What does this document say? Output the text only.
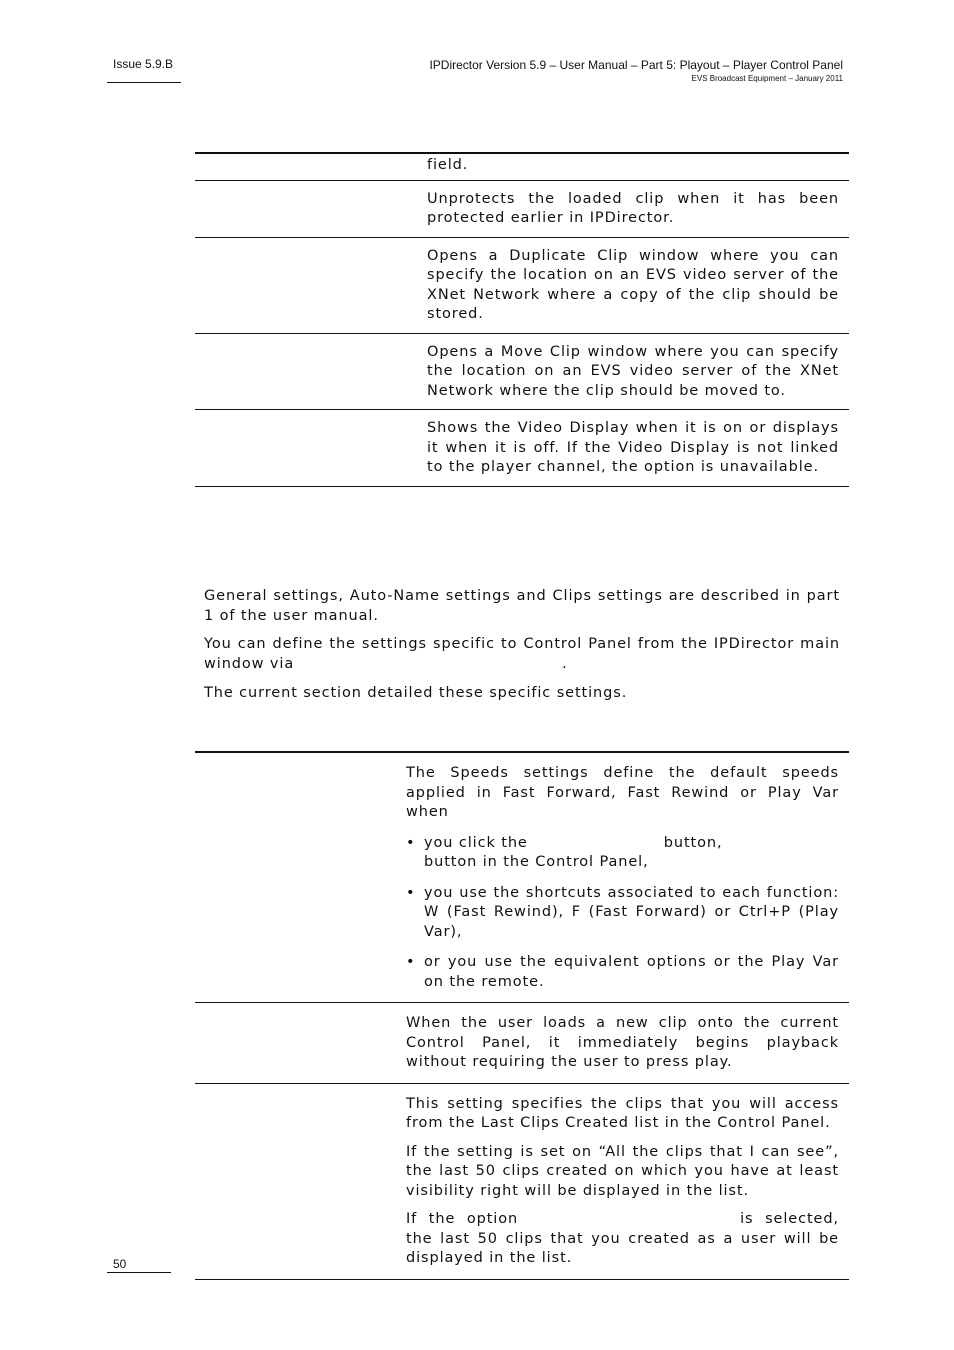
Issue 5.9.B	IPDirector Version 5.9 – User Manual – Part 5: Playout – Player Control Panel
EVS Broadcast Equipment – January 2011
field.
Unprotects the loaded clip when it has been protected earlier in IPDirector.
Opens a Duplicate Clip window where you can specify the location on an EVS video server of the XNet Network where a copy of the clip should be stored.
Opens a Move Clip window where you can specify the location on an EVS video server of the XNet Network where the clip should be moved to.
Shows the Video Display when it is on or displays it when it is off. If the Video Display is not linked to the player channel, the option is unavailable.
General settings, Auto-Name settings and Clips settings are described in part 1 of the user manual.
You can define the settings specific to Control Panel from the IPDirector main window via	.
The current section detailed these specific settings.

The Speeds settings define the default speeds applied in Fast Forward, Fast Rewind or Play Var when

• you click the	button,
button in the Control Panel,
• you use the shortcuts associated to each function: W (Fast Rewind), F (Fast Forward) or Ctrl+P (Play Var),
• or you use the equivalent options or the Play Var on the remote.
When the user loads a new clip onto the current Control Panel, it immediately begins playback without requiring the user to press play.

This setting specifies the clips that you will access from the Last Clips Created list in the Control Panel.

If the setting is set on “All the clips that I can see”, the last 50 clips created on which you have at least visibility right will be displayed in the list.

If the option	is selected, the last 50 clips that you created as a user will be displayed in the list.

50
